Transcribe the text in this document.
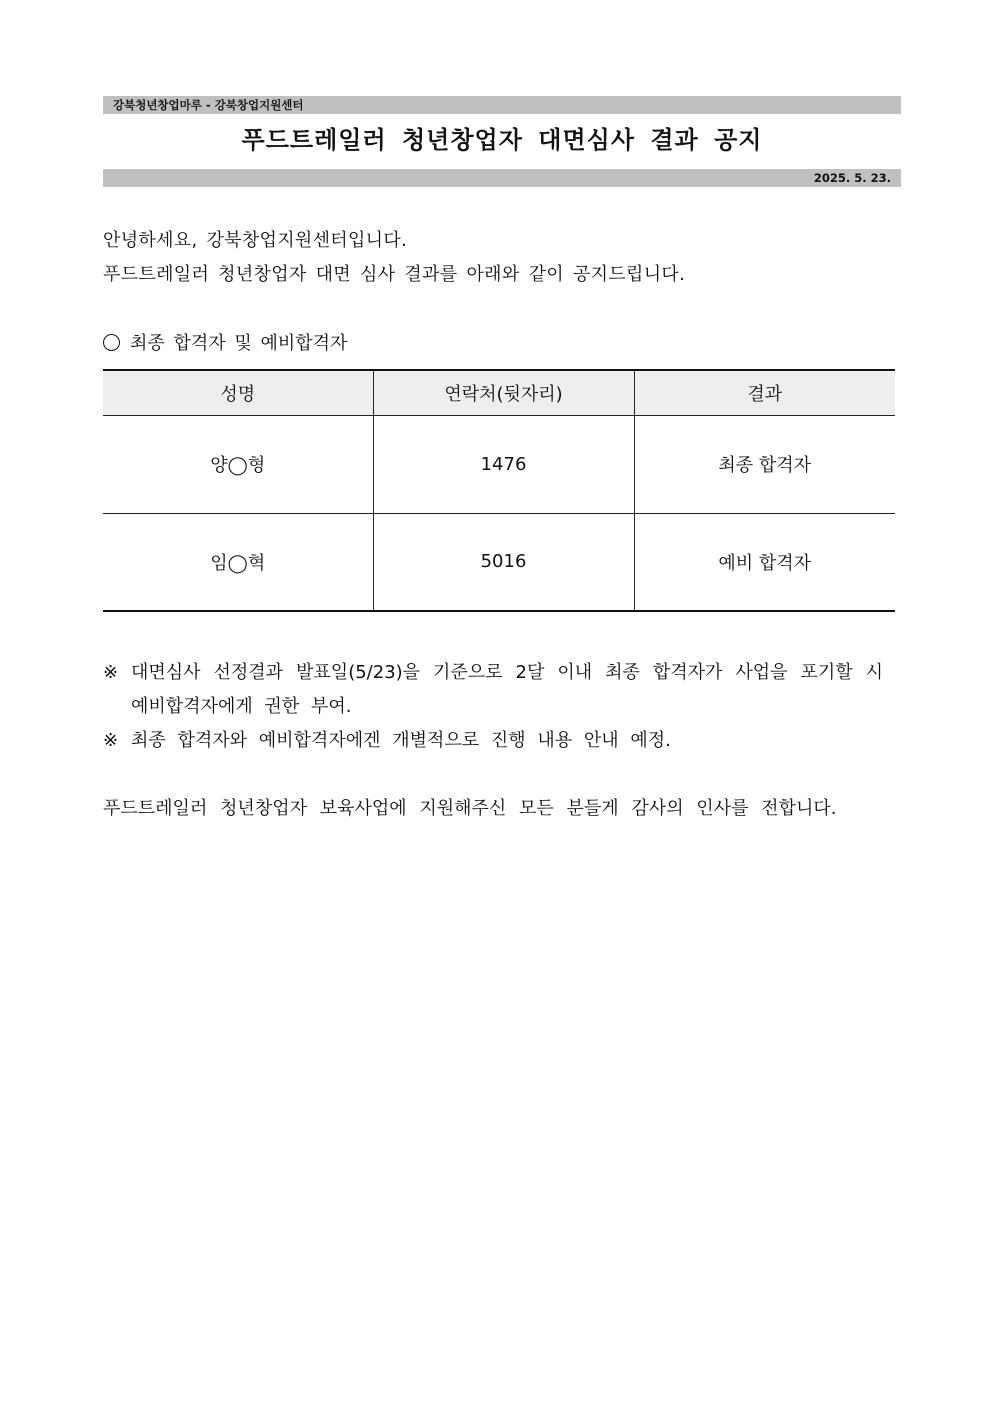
강북청년창업마루 - 강북창업지원센터
푸드트레일러 청년창업자 대면심사 결과 공지
2025. 5. 23.
안녕하세요, 강북창업지원센터입니다.
푸드트레일러 청년창업자 대면 심사 결과를 아래와 같이 공지드립니다.
최종 합격자 및 예비합격자
성명	연락처(뒷자리)	결과
양◯형	1476	최종 합격자
임◯혁	5016	예비 합격자
※ 대면심사 선정결과 발표일(5/23)을 기준으로 2달 이내 최종 합격자가 사업을 포기할 시 예비합격자에게 권한 부여.
※ 최종 합격자와 예비합격자에겐 개별적으로 진행 내용 안내 예정.
푸드트레일러 청년창업자 보육사업에 지원해주신 모든 분들게 감사의 인사를 전합니다.
